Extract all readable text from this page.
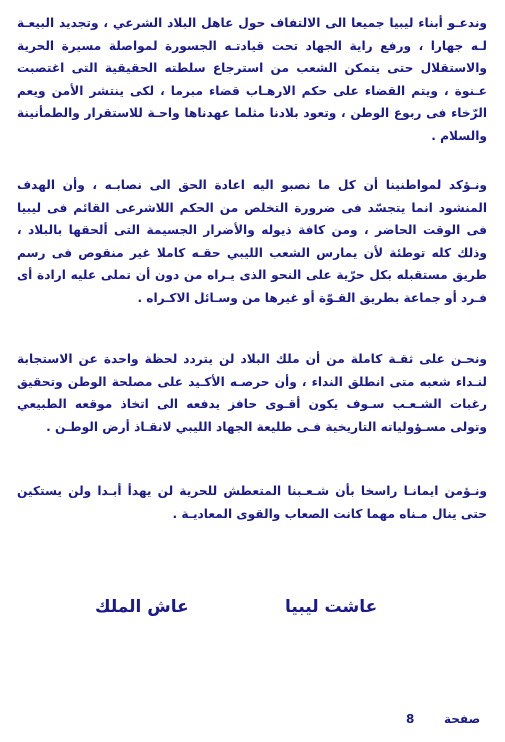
وندعـو أبناء ليبيا جميعا الى الالتفاف حول عاهل البلاد الشرعي ، وتجديد البيعـة لـه جهارا ، ورفع راية الجهاد تحت قيادتـه الجسورة لمواصلة مسيرة الحرية والاستقلال حتى يتمكن الشعب من استرجاع سلطته الحقيقية التى اغتصبت عـنوة ، ويتم القضاء على حكم الارهـاب قضاء مبرما ، لكى ينتشر الأمن ويعم الرّخاء فى ربوع الوطن ، وتعود بلادنا مثلما عهدناها واحـة للاستقرار والطمأنينة والسلام .

ونـؤكد لمواطنينا أن كل ما نصبو اليه اعادة الحق الى نصابـه ، وأن الهدف المنشود انما يتجسّد فى ضرورة التخلص من الحكم اللاشرعى القائم فى ليبيا فى الوقت الحاضر ، ومن كافة ذيوله والأضرار الجسيمة التى ألحقها بالبلاد ، وذلك كله توطئة لأن يمارس الشعب الليبي حقـه كاملا غير منقوص فى رسم طريق مستقبله بكل حرّية على النحو الذى يـراه من دون أن تملى عليه ارادة أى فـرد أو جماعة بطريق القـوّة أو غيرها من وسـائل الاكـراه .

ونحـن على ثقـة كاملة من أن ملك البلاد لن يتردد لحظة واحدة عن الاستجابة لنـداء شعبه متى انطلق النداء ، وأن حرصـه الأكـيد على مصلحة الوطن وتحقيق رغبات الشـعـب سـوف يكون أقـوى حافز يدفعه الى اتخاذ موقعه الطبيعي وتولى مسـؤولياته التاريخية فـى طليعة الجهاد الليبي لانقـاذ أرض الوطـن .

ونـؤمن ايمانـا راسخا بأن شـعـبنا المتعطش للحرية لن يهدأ أبـدا ولن يستكين حتى ينال مـناه مهما كانت الصعاب والقوى المعاديـة .

عاشت ليبيا
عاش الملك
صفحة
8
